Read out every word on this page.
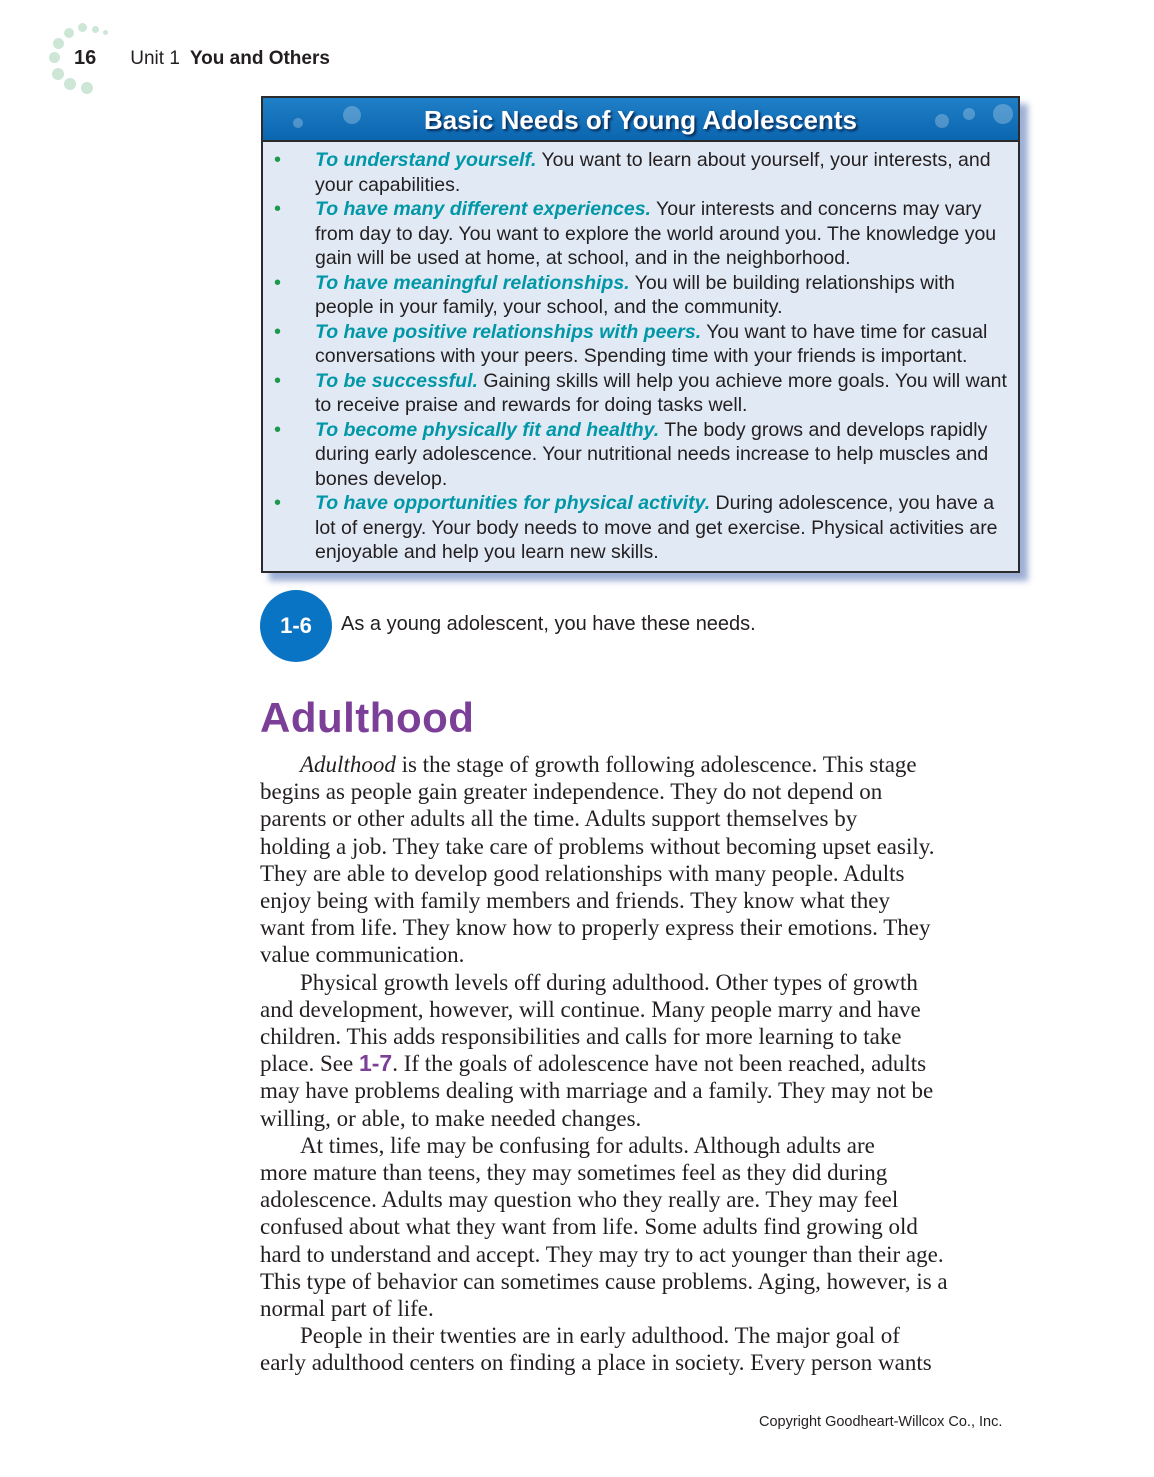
16 Unit 1 You and Others
Basic Needs of Young Adolescents
• To understand yourself. You want to learn about yourself, your interests, and your capabilities.
• To have many different experiences. Your interests and concerns may vary from day to day. You want to explore the world around you. The knowledge you gain will be used at home, at school, and in the neighborhood.
• To have meaningful relationships. You will be building relationships with people in your family, your school, and the community.
• To have positive relationships with peers. You want to have time for casual conversations with your peers. Spending time with your friends is important.
• To be successful. Gaining skills will help you achieve more goals. You will want to receive praise and rewards for doing tasks well.
• To become physically fit and healthy. The body grows and develops rapidly during early adolescence. Your nutritional needs increase to help muscles and bones develop.
• To have opportunities for physical activity. During adolescence, you have a lot of energy. Your body needs to move and get exercise. Physical activities are enjoyable and help you learn new skills.
1-6	As a young adolescent, you have these needs.
Adulthood
Adulthood is the stage of growth following adolescence. This stage
begins as people gain greater independence. They do not depend on
parents or other adults all the time. Adults support themselves by
holding a job. They take care of problems without becoming upset easily.
They are able to develop good relationships with many people. Adults
enjoy being with family members and friends. They know what they
want from life. They know how to properly express their emotions. They
value communication.
Physical growth levels off during adulthood. Other types of growth
and development, however, will continue. Many people marry and have
children. This adds responsibilities and calls for more learning to take
place. See 1-7. If the goals of adolescence have not been reached, adults
may have problems dealing with marriage and a family. They may not be
willing, or able, to make needed changes.
At times, life may be confusing for adults. Although adults are
more mature than teens, they may sometimes feel as they did during
adolescence. Adults may question who they really are. They may feel
confused about what they want from life. Some adults find growing old
hard to understand and accept. They may try to act younger than their age.
This type of behavior can sometimes cause problems. Aging, however, is a
normal part of life.
People in their twenties are in early adulthood. The major goal of
early adulthood centers on finding a place in society. Every person wants
Copyright Goodheart-Willcox Co., Inc.
